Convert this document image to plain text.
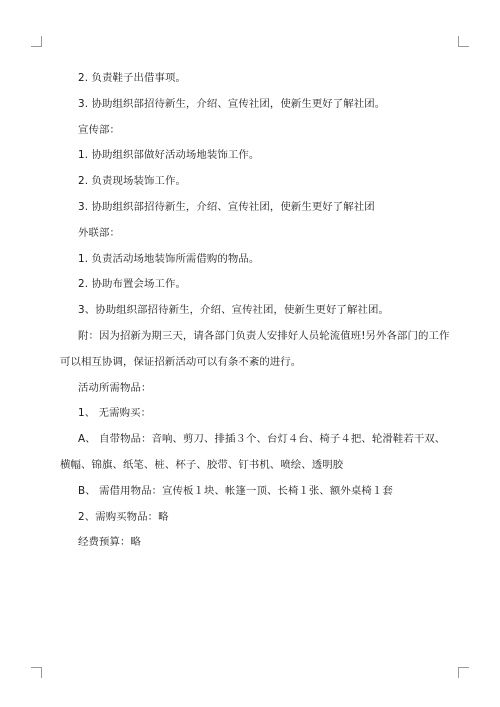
2. 负责鞋子出借事项。
3. 协助组织部招待新生，介绍、宣传社团，使新生更好了解社团。
宣传部：
1. 协助组织部做好活动场地装饰工作。
2. 负责现场装饰工作。
3. 协助组织部招待新生，介绍、宣传社团，使新生更好了解社团
外联部：
1. 负责活动场地装饰所需借购的物品。
2. 协助布置会场工作。
3、协助组织部招待新生，介绍、宣传社团，使新生更好了解社团。
附：因为招新为期三天，请各部门负责人安排好人员轮流值班!另外各部门的工作
可以相互协调，保证招新活动可以有条不紊的进行。
活动所需物品：
1、 无需购买：
A、 自带物品：音响、剪刀、排插３个、台灯４台、椅子４把、轮滑鞋若干双、
横幅、锦旗、纸笔、桩、杯子、胶带、钉书机、喷绘、透明胶
B、 需借用物品：宣传板１块、帐篷一顶、长椅１张、额外桌椅１套
2、需购买物品：略
经费预算：略
